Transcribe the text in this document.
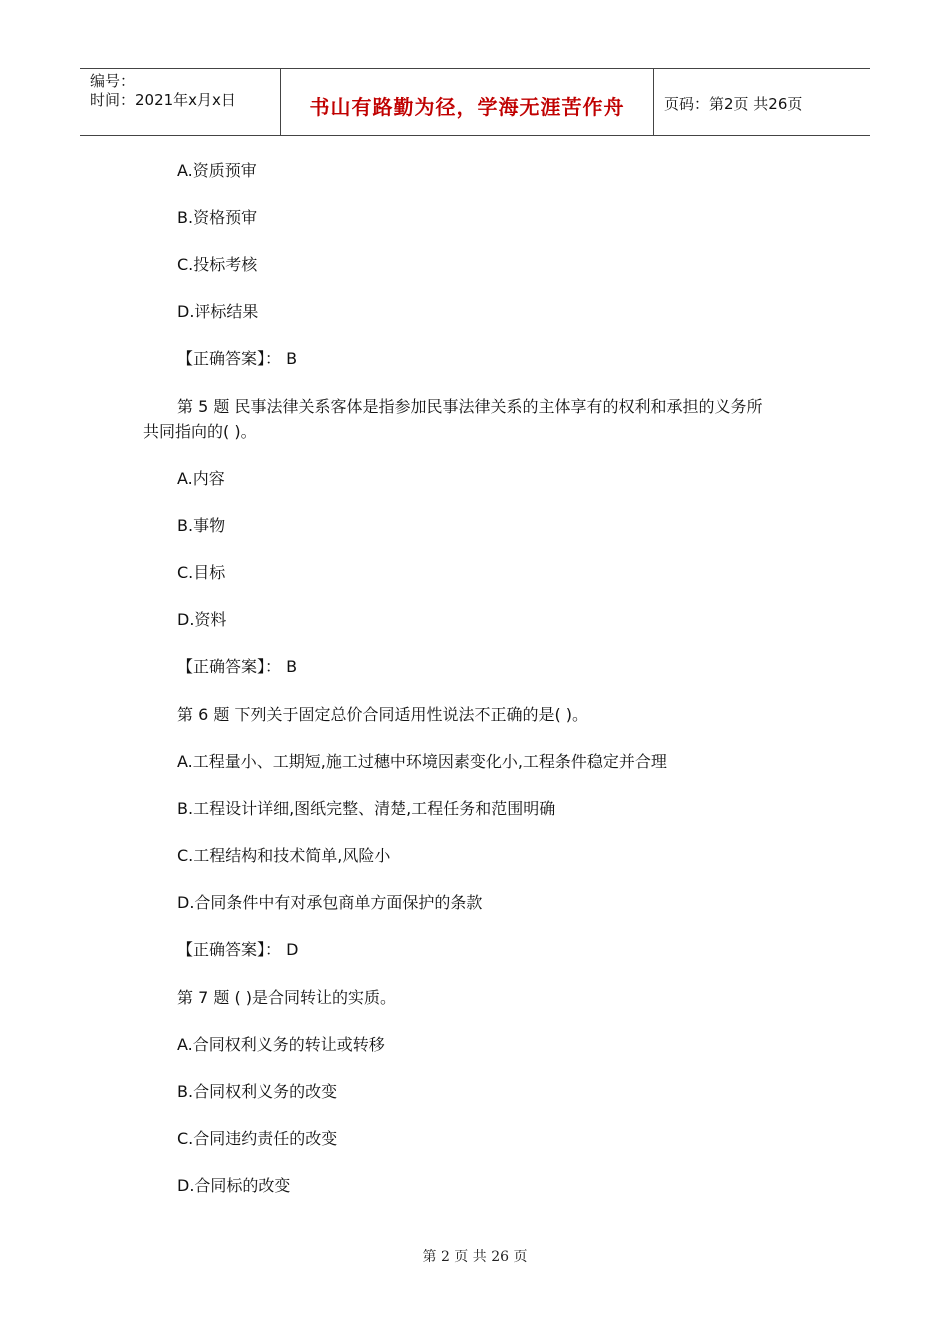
编号：
时间：2021年x月x日	书山有路勤为径，学海无涯苦作舟	页码：第2页 共26页
A.资质预审
B.资格预审
C.投标考核
D.评标结果
【正确答案】： B
第 5 题 民事法律关系客体是指参加民事法律关系的主体享有的权利和承担的义务所
共同指向的( )。
A.内容
B.事物
C.目标
D.资料
【正确答案】： B
第 6 题 下列关于固定总价合同适用性说法不正确的是( )。
A.工程量小、工期短,施工过穗中环境因素变化小,工程条件稳定并合理
B.工程设计详细,图纸完整、清楚,工程任务和范围明确
C.工程结构和技术简单,风险小
D.合同条件中有对承包商单方面保护的条款
【正确答案】： D
第 7 题 ( )是合同转让的实质。
A.合同权利义务的转让或转移
B.合同权利义务的改变
C.合同违约责任的改变
D.合同标的改变
第 2 页 共 26 页
